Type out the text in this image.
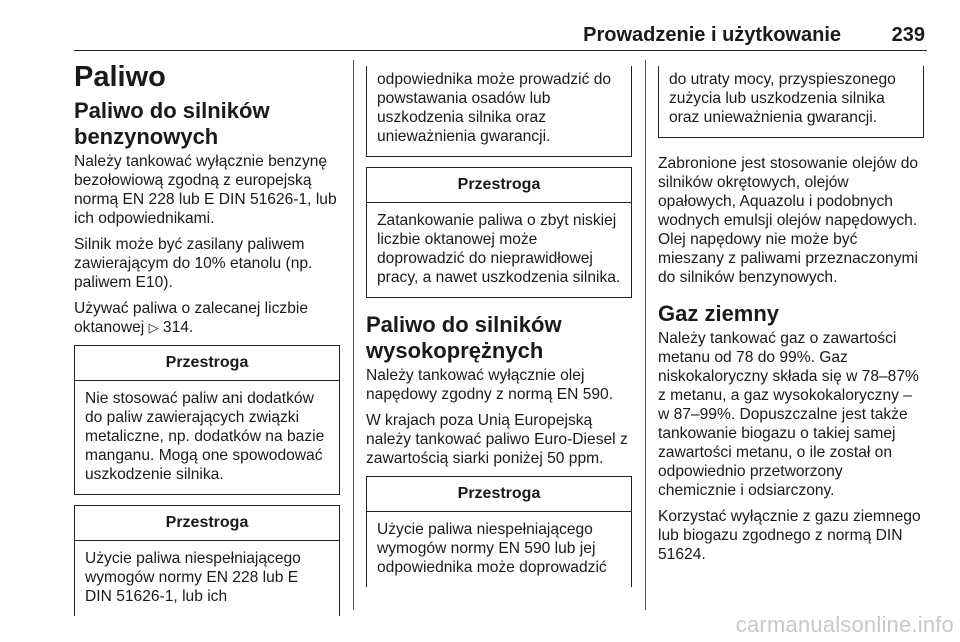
Prowadzenie i użytkowanie	239
Paliwo
Paliwo do silników benzynowych

Należy tankować wyłącznie benzynę bezołowiową zgodną z europejską normą EN 228 lub E DIN 51626-1, lub ich odpowiednikami.

Silnik może być zasilany paliwem zawierającym do 10% etanolu (np. paliwem E10).

Używać paliwa o zalecanej liczbie oktanowej ▷ 314.

Przestroga
Nie stosować paliw ani dodatków do paliw zawierających związki metaliczne, np. dodatków na bazie manganu. Mogą one spowodować uszkodzenie silnika.
Przestroga
Użycie paliwa niespełniającego wymogów normy EN 228 lub E DIN 51626-1, lub ich
odpowiednika może prowadzić do powstawania osadów lub uszkodzenia silnika oraz unieważnienia gwarancji.
Przestroga
Zatankowanie paliwa o zbyt niskiej liczbie oktanowej może doprowadzić do nieprawidłowej pracy, a nawet uszkodzenia silnika.
Paliwo do silników wysokoprężnych

Należy tankować wyłącznie olej napędowy zgodny z normą EN 590.

W krajach poza Unią Europejską należy tankować paliwo Euro-Diesel z zawartością siarki poniżej 50 ppm.

Przestroga
Użycie paliwa niespełniającego wymogów normy EN 590 lub jej odpowiednika może doprowadzić
do utraty mocy, przyspieszonego zużycia lub uszkodzenia silnika oraz unieważnienia gwarancji.

Zabronione jest stosowanie olejów do silników okrętowych, olejów opałowych, Aquazolu i podobnych wodnych emulsji olejów napędowych. Olej napędowy nie może być mieszany z paliwami przeznaczonymi do silników benzynowych.

Gaz ziemny

Należy tankować gaz o zawartości metanu od 78 do 99%. Gaz niskokaloryczny składa się w 78–87% z metanu, a gaz wysokokaloryczny – w 87–99%. Dopuszczalne jest także tankowanie biogazu o takiej samej zawartości metanu, o ile został on odpowiednio przetworzony chemicznie i odsiarczony.

Korzystać wyłącznie z gazu ziemnego lub biogazu zgodnego z normą DIN 51624.

carmanualsonline.info
